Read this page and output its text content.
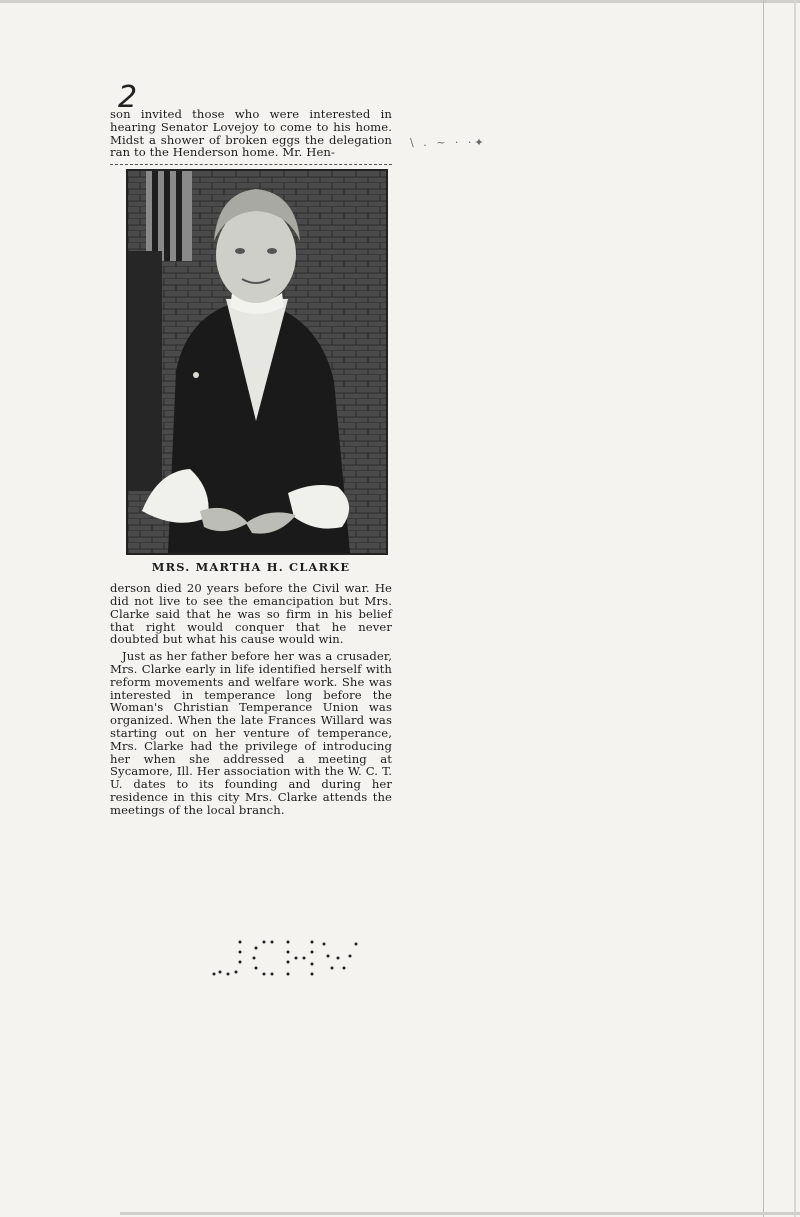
2
\ . ~ · ·✦

son invited those who were interested in hearing Senator Lovejoy to come to his home. Midst a shower of broken eggs the delegation ran to the Henderson home. Mr. Hen-

MRS. MARTHA H. CLARKE

derson died 20 years before the Civil war. He did not live to see the emancipation but Mrs. Clarke said that he was so firm in his belief that right would conquer that he never doubted but what his cause would win.

Just as her father before her was a crusader, Mrs. Clarke early in life identified herself with reform movements and welfare work. She was interested in temperance long before the Woman's Christian Temperance Union was organized. When the late Frances Willard was starting out on her venture of temperance, Mrs. Clarke had the privilege of introducing her when she addressed a meeting at Sycamore, Ill. Her association with the W. C. T. U. dates to its founding and during her residence in this city Mrs. Clarke attends the meetings of the local branch.
